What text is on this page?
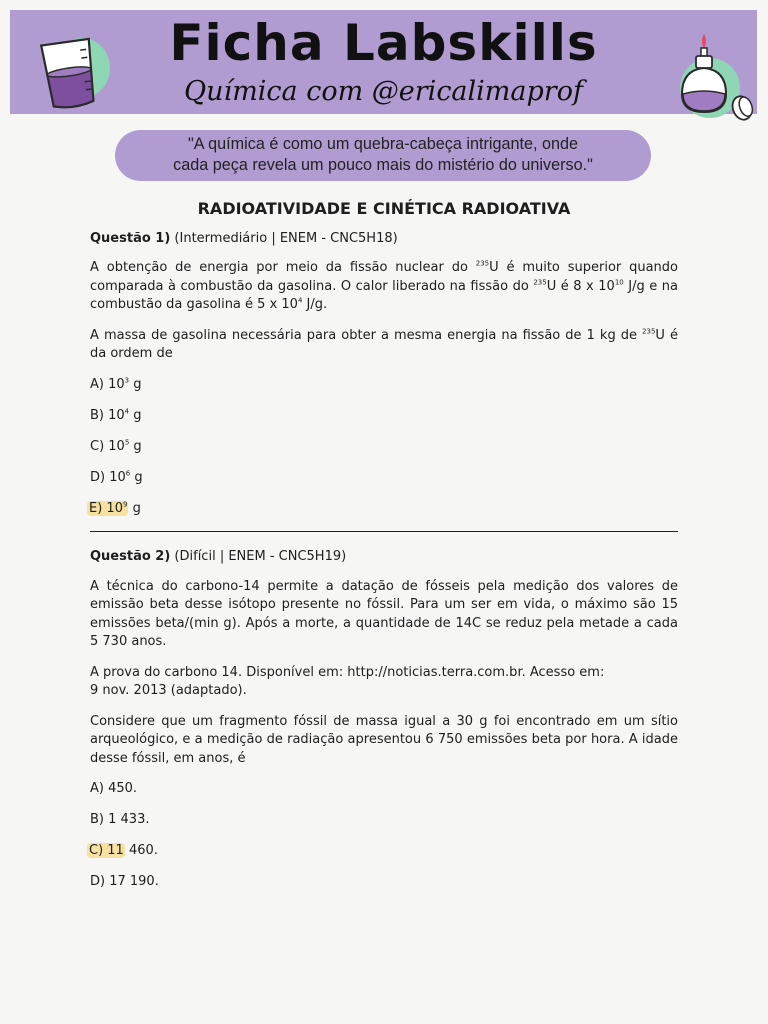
Ficha Labskills
Química com @ericalimaprof
"A química é como um quebra-cabeça intrigante, onde
cada peça revela um pouco mais do mistério do universo."
RADIOATIVIDADE E CINÉTICA RADIOATIVA
Questão 1) (Intermediário | ENEM - CNC5H18)

A obtenção de energia por meio da fissão nuclear do $^{235}$U é muito superior quando comparada à combustão da gasolina. O calor liberado na fissão do $^{235}$U é 8 x $10^{10}$ J/g e na combustão da gasolina é 5 x $10^4$ J/g.

A massa de gasolina necessária para obter a mesma energia na fissão de 1 kg de $^{235}$U é da ordem de

A) $10^3$ g
B) $10^4$ g
C) $10^5$ g
D) $10^6$ g
E) $10^9$ g
Questão 2) (Difícil | ENEM - CNC5H19)

A técnica do carbono-14 permite a datação de fósseis pela medição dos valores de emissão beta desse isótopo presente no fóssil. Para um ser em vida, o máximo são 15 emissões beta/(min g). Após a morte, a quantidade de 14C se reduz pela metade a cada 5 730 anos.

A prova do carbono 14. Disponível em: http://noticias.terra.com.br. Acesso em:
9 nov. 2013 (adaptado).

Considere que um fragmento fóssil de massa igual a 30 g foi encontrado em um sítio arqueológico, e a medição de radiação apresentou 6 750 emissões beta por hora. A idade desse fóssil, em anos, é

A) 450.
B) 1 433.
C) 11 460.
D) 17 190.
